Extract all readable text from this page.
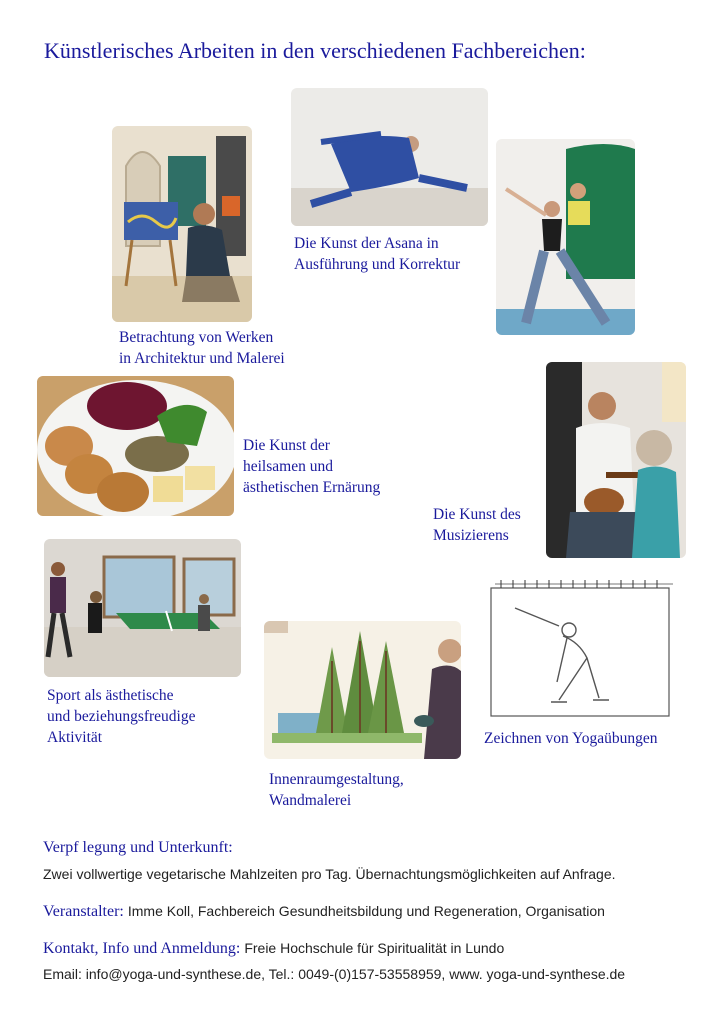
Künstlerisches Arbeiten in den verschiedenen Fachbereichen:
Betrachtung von Werken
in Architektur und Malerei
Die Kunst der Asana in
Ausführung und Korrektur
Die Kunst der
heilsamen und
ästhetischen Ernärung
Die Kunst des
Musizierens
Sport als ästhetische
und beziehungsfreudige
Aktivität
Innenraumgestaltung,
Wandmalerei
Zeichnen von Yogaübungen
Verpf legung und Unterkunft:
Zwei vollwertige vegetarische Mahlzeiten pro Tag. Übernachtungsmöglichkeiten auf Anfrage.
Veranstalter: Imme Koll, Fachbereich Gesundheitsbildung und Regeneration, Organisation
Kontakt, Info und Anmeldung: Freie Hochschule für Spiritualität in Lundo
Email: info@yoga-und-synthese.de, Tel.: 0049-(0)157-53558959, www. yoga-und-synthese.de
